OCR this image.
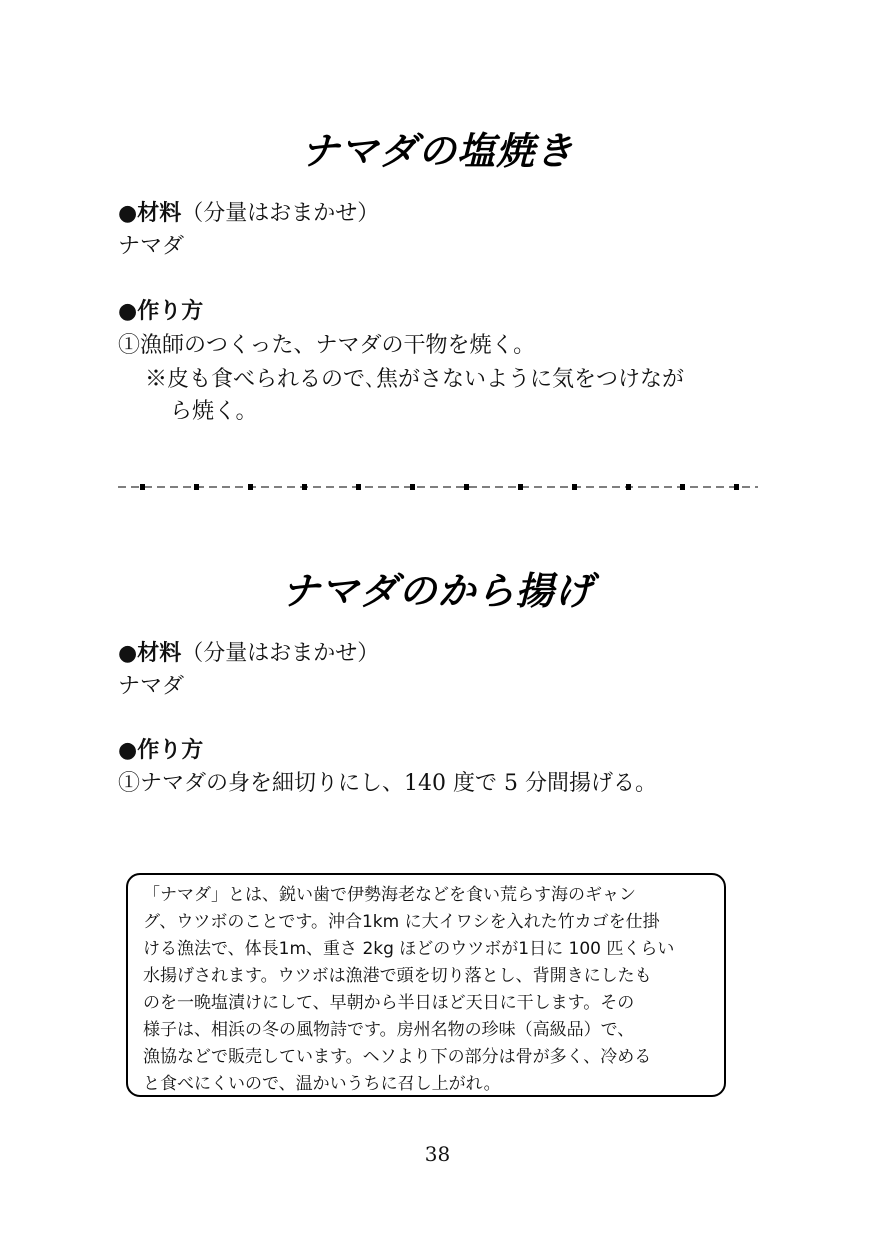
ナマダの塩焼き
●材料（分量はおまかせ）
ナマダ
●作り方
①漁師のつくった、ナマダの干物を焼く。
※皮も食べられるので､焦がさないように気をつけなが
ら焼く。
ナマダのから揚げ
●材料（分量はおまかせ）
ナマダ
●作り方
①ナマダの身を細切りにし、140 度で 5 分間揚げる。
「ナマダ」とは、鋭い歯で伊勢海老などを食い荒らす海のギャン
グ、ウツボのことです。沖合1km に大イワシを入れた竹カゴを仕掛
ける漁法で、体長1m、重さ 2kg ほどのウツボが1日に 100 匹くらい
水揚げされます。ウツボは漁港で頭を切り落とし、背開きにしたも
のを一晩塩漬けにして、早朝から半日ほど天日に干します。その
様子は、相浜の冬の風物詩です。房州名物の珍味（高級品）で、
漁協などで販売しています。ヘソより下の部分は骨が多く、冷める
と食べにくいので、温かいうちに召し上がれ。
38
